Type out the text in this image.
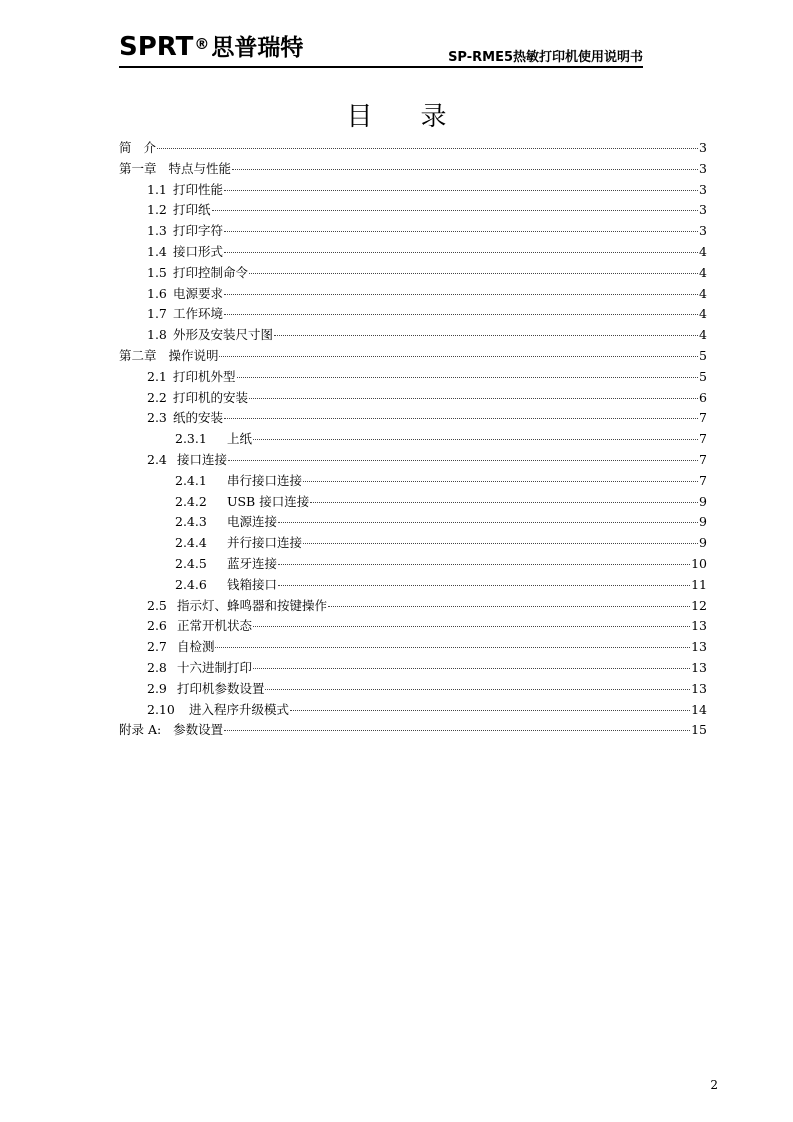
SPRT®思普瑞特	SP-RME5热敏打印机使用说明书
目 录
简 介	3
第一章 特点与性能	3
1.1 打印性能	3
1.2 打印纸	3
1.3 打印字符	3
1.4 接口形式	4
1.5 打印控制命令	4
1.6 电源要求	4
1.7 工作环境	4
1.8 外形及安装尺寸图	4
第二章 操作说明	5
2.1 打印机外型	5
2.2 打印机的安装	6
2.3 纸的安装	7
2.3.1 上纸	7
2.4 接口连接	7
2.4.1 串行接口连接	7
2.4.2 USB 接口连接	9
2.4.3 电源连接	9
2.4.4 并行接口连接	9
2.4.5 蓝牙连接	10
2.4.6 钱箱接口	11
2.5 指示灯、蜂鸣器和按键操作	12
2.6 正常开机状态	13
2.7 自检测	13
2.8 十六进制打印	13
2.9 打印机参数设置	13
2.10 进入程序升级模式	14
附录 A: 参数设置	15
2
